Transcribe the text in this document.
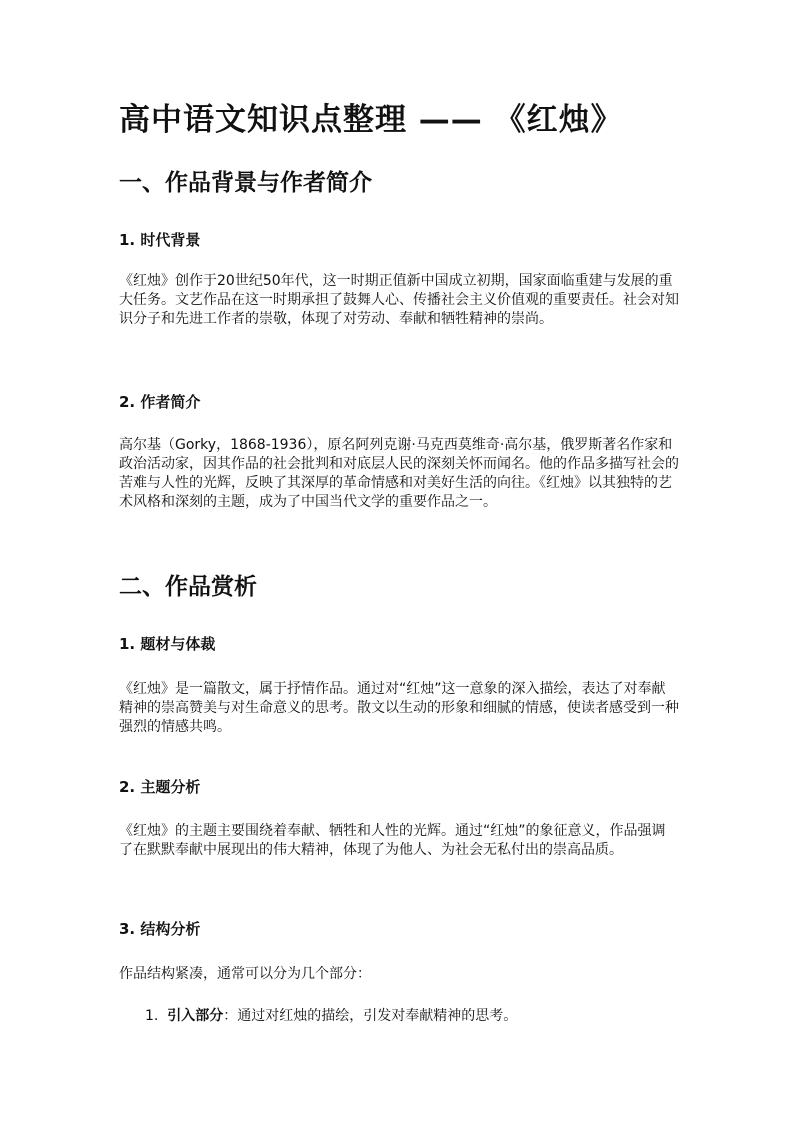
高中语文知识点整理 —— 《红烛》
一、作品背景与作者简介
1. 时代背景

《红烛》创作于20世纪50年代，这一时期正值新中国成立初期，国家面临重建与发展的重大任务。文艺作品在这一时期承担了鼓舞人心、传播社会主义价值观的重要责任。社会对知识分子和先进工作者的崇敬，体现了对劳动、奉献和牺牲精神的崇尚。

2. 作者简介

高尔基（Gorky，1868-1936），原名阿列克谢·马克西莫维奇·高尔基，俄罗斯著名作家和政治活动家，因其作品的社会批判和对底层人民的深刻关怀而闻名。他的作品多描写社会的苦难与人性的光辉，反映了其深厚的革命情感和对美好生活的向往。《红烛》以其独特的艺术风格和深刻的主题，成为了中国当代文学的重要作品之一。

二、作品赏析
1. 题材与体裁

《红烛》是一篇散文，属于抒情作品。通过对“红烛”这一意象的深入描绘，表达了对奉献精神的崇高赞美与对生命意义的思考。散文以生动的形象和细腻的情感，使读者感受到一种强烈的情感共鸣。

2. 主题分析

《红烛》的主题主要围绕着奉献、牺牲和人性的光辉。通过“红烛”的象征意义，作品强调了在默默奉献中展现出的伟大精神，体现了为他人、为社会无私付出的崇高品质。

3. 结构分析

作品结构紧凑，通常可以分为几个部分：

1. 引入部分：通过对红烛的描绘，引发对奉献精神的思考。
